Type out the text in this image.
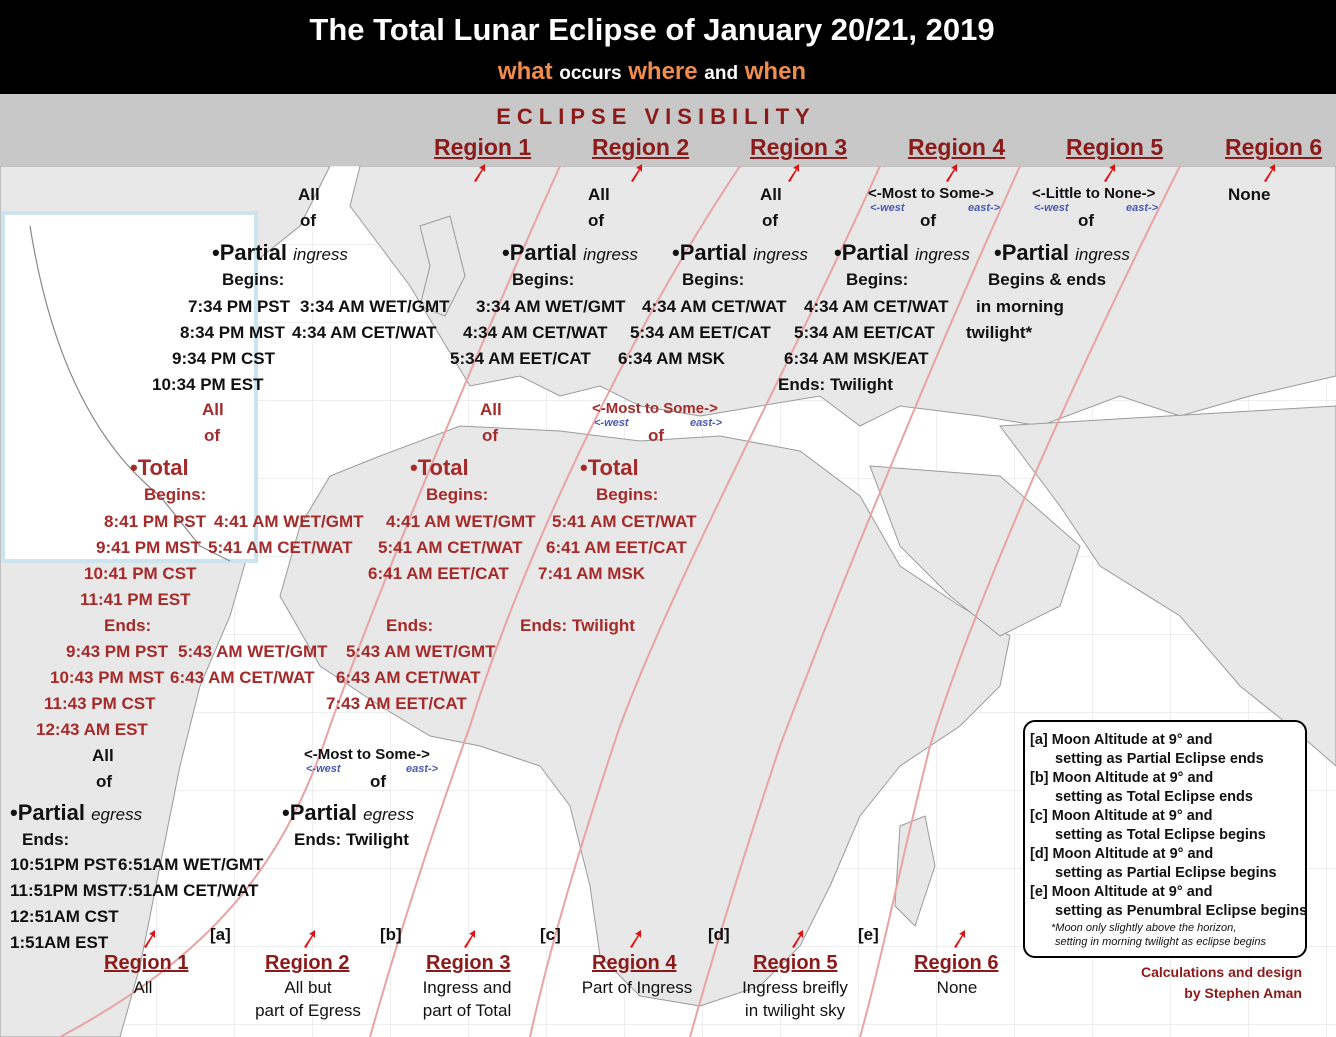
The Total Lunar Eclipse of January 20/21, 2019
what occurs where and when
ECLIPSE VISIBILITY
Region 1	Region 2	Region 3	Region 4	Region 5	Region 6
All
of
•Partial ingress
Begins:
7:34 PM PST
8:34 PM MST
9:34 PM CST
10:34 PM EST
3:34 AM WET/GMT
4:34 AM CET/WAT
All
of
•Partial ingress
Begins:
3:34 AM WET/GMT
4:34 AM CET/WAT
5:34 AM EET/CAT
All
of
•Partial ingress
Begins:
4:34 AM CET/WAT
5:34 AM EET/CAT
6:34 AM MSK
<-Most to Some->
<-west	east->
of
•Partial ingress
Begins:
4:34 AM CET/WAT
5:34 AM EET/CAT
6:34 AM MSK/EAT
Ends: Twilight
<-Little to None->
<-west	east->
of
•Partial ingress
Begins & ends
in morning
twilight*
None
All
of
•Total
Begins:
8:41 PM PST
9:41 PM MST
10:41 PM CST
11:41 PM EST
4:41 AM WET/GMT
5:41 AM CET/WAT
Ends:
9:43 PM PST
10:43 PM MST
11:43 PM CST
12:43 AM EST
5:43 AM WET/GMT
6:43 AM CET/WAT
All
of
•Total
Begins:
4:41 AM WET/GMT
5:41 AM CET/WAT
6:41 AM EET/CAT
Ends:
5:43 AM WET/GMT
6:43 AM CET/WAT
7:43 AM EET/CAT
<-Most to Some->
<-west	east->
of
•Total
Begins:
5:41 AM CET/WAT
6:41 AM EET/CAT
7:41 AM MSK
Ends: Twilight
All
of
•Partial egress
Ends:
10:51PM PST
11:51PM MST
12:51AM CST
1:51AM EST
6:51AM WET/GMT
7:51AM CET/WAT
<-Most to Some->
<-west	east->
of
•Partial egress
Ends: Twilight
[a]	[b]	[c]	[d]	[e]
Region 1
All
Region 2
All but
part of Egress
Region 3
Ingress and
part of Total
Region 4
Part of Ingress
Region 5
Ingress breifly
in twilight sky
Region 6
None
[a] Moon Altitude at 9° and
setting as Partial Eclipse ends
[b] Moon Altitude at 9° and
setting as Total Eclipse ends
[c] Moon Altitude at 9° and
setting as Total Eclipse begins
[d] Moon Altitude at 9° and
setting as Partial Eclipse begins
[e] Moon Altitude at 9° and
setting as Penumbral Eclipse begins
*Moon only slightly above the horizon,
setting in morning twilight as eclipse begins
Calculations and design
by Stephen Aman
